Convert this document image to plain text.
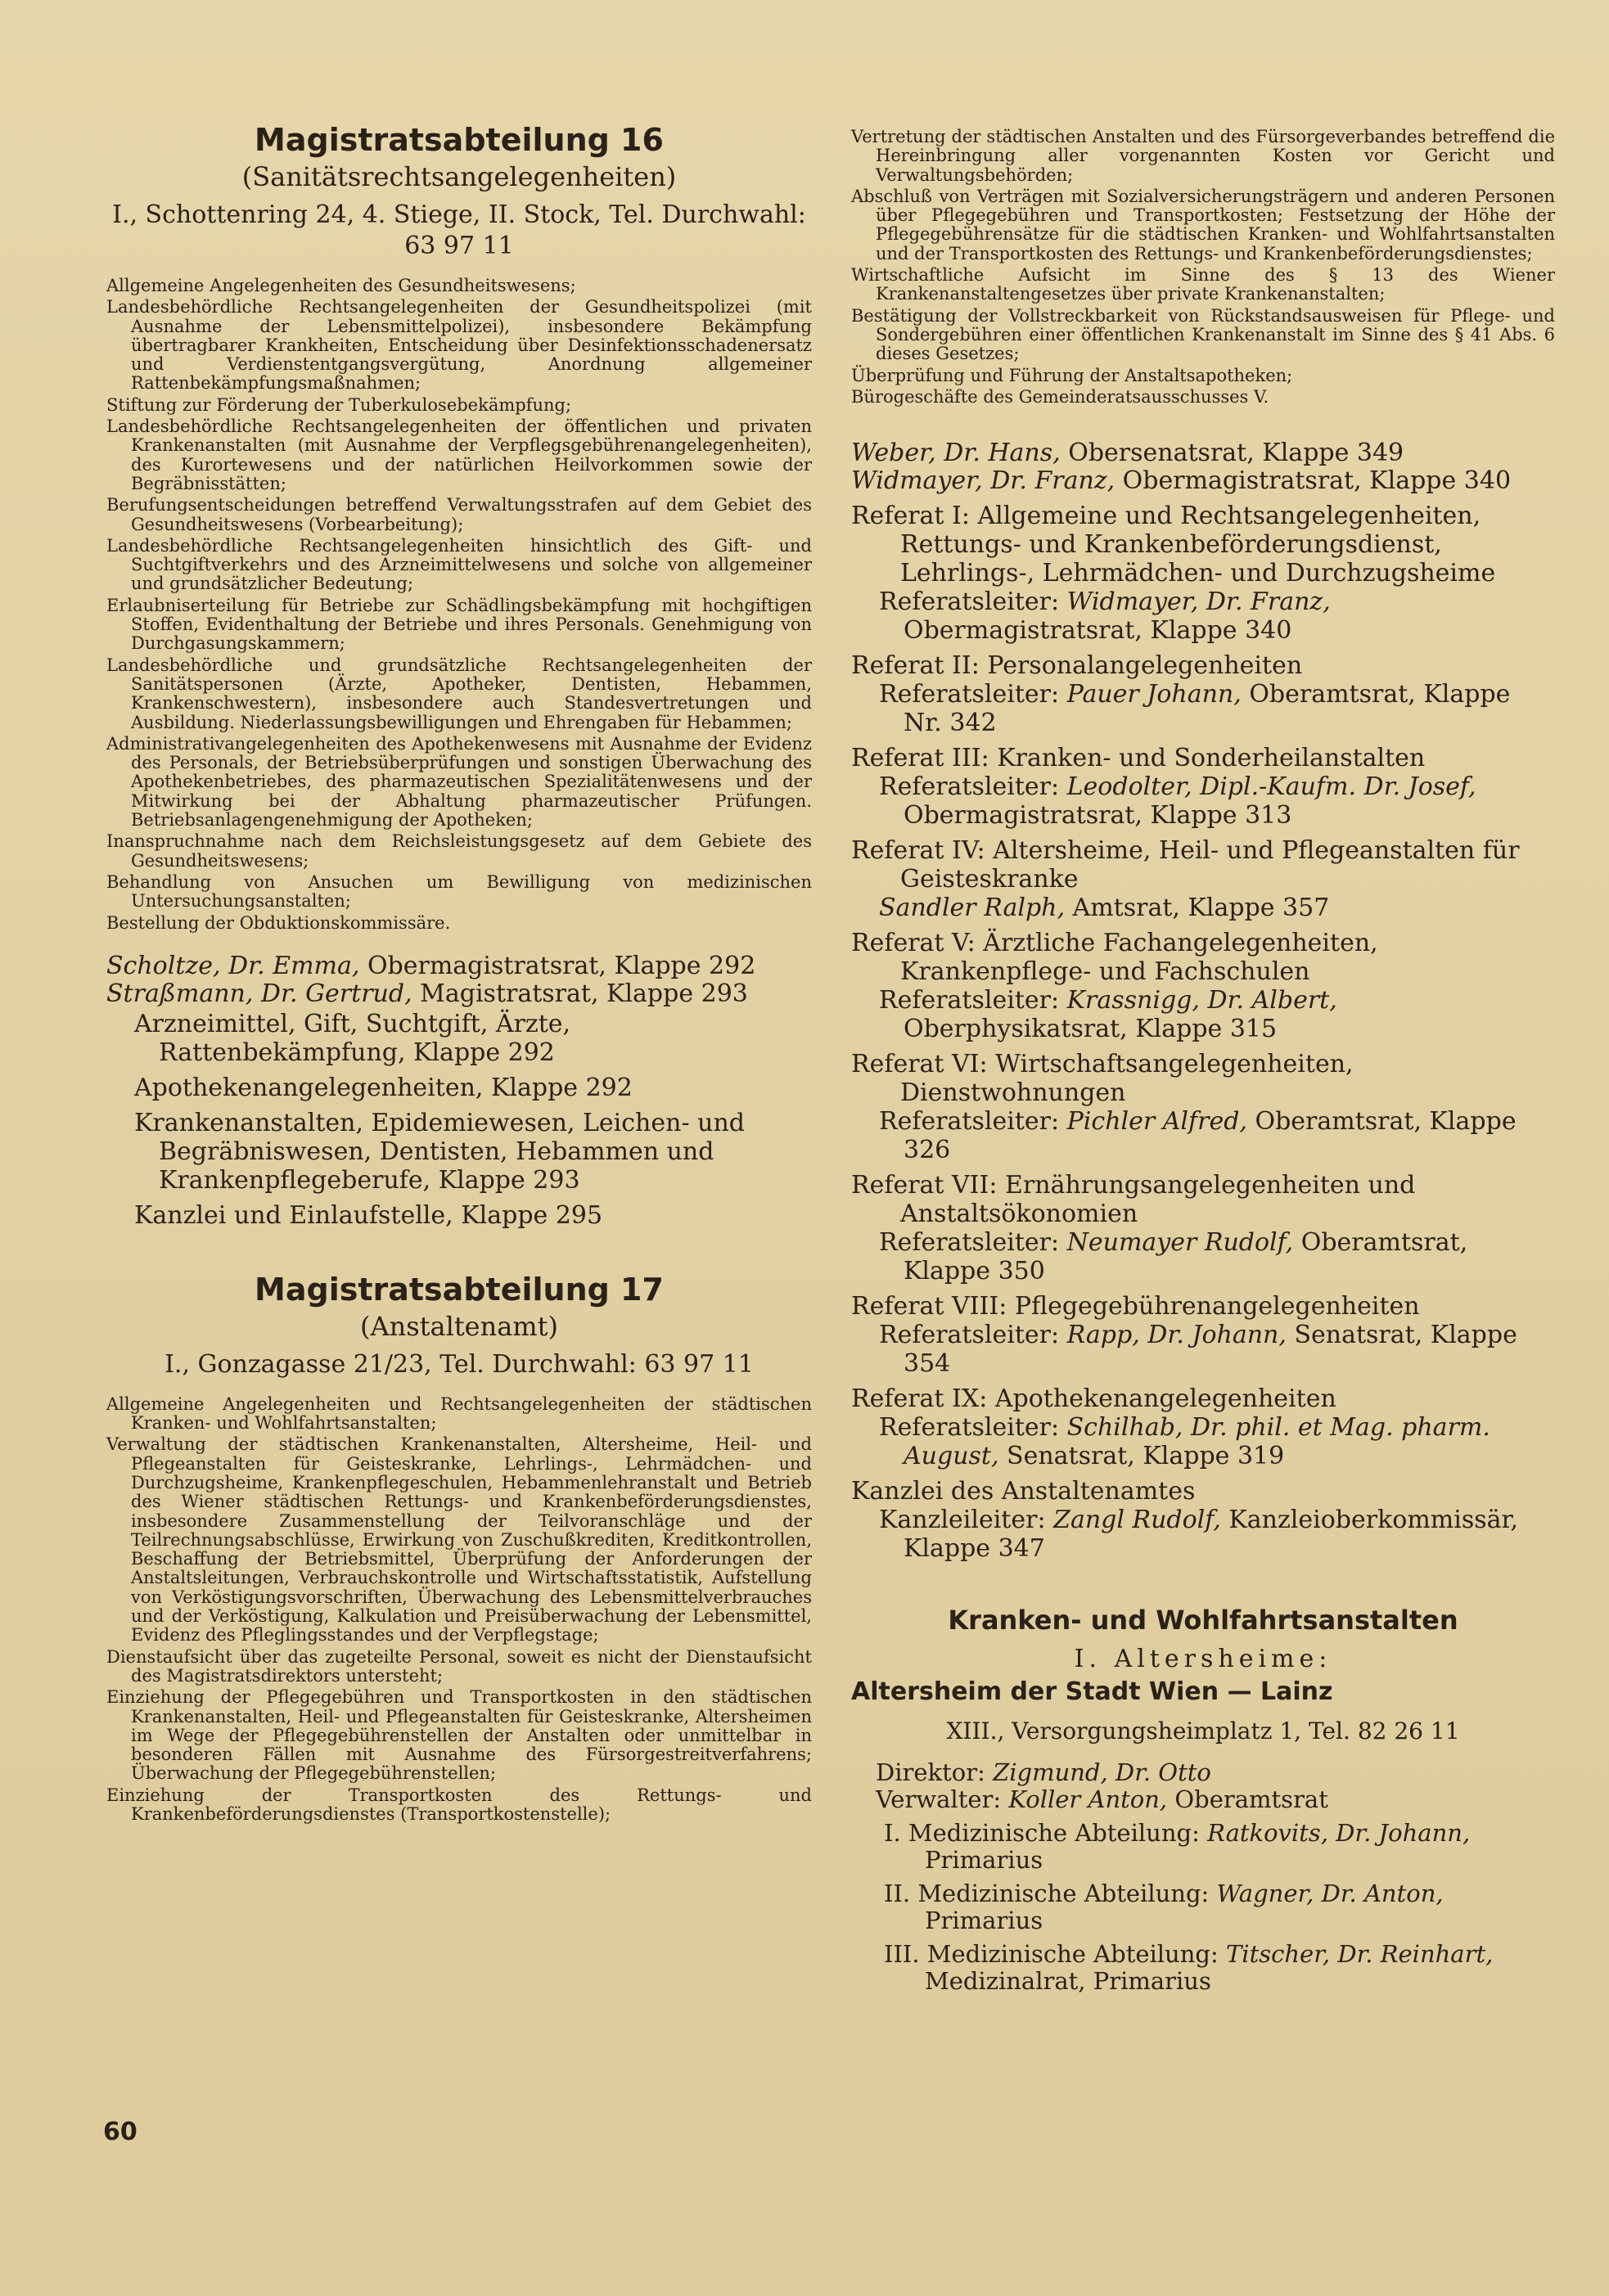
Magistratsabteilung 16

(Sanitätsrechtsangelegenheiten)

I., Schottenring 24, 4. Stiege, II. Stock, Tel. Durchwahl: 63 97 11

Allgemeine Angelegenheiten des Gesundheitswesens;
Landesbehördliche Rechtsangelegenheiten der Gesundheitspolizei (mit Ausnahme der Lebensmittelpolizei), insbesondere Bekämpfung übertragbarer Krankheiten, Entscheidung über Desinfektionsschadenersatz und Verdienstentgangsvergütung, Anordnung allgemeiner Rattenbekämpfungsmaßnahmen;
Stiftung zur Förderung der Tuberkulosebekämpfung;
Landesbehördliche Rechtsangelegenheiten der öffentlichen und privaten Krankenanstalten (mit Ausnahme der Verpflegsgebührenangelegenheiten), des Kurortewesens und der natürlichen Heilvorkommen sowie der Begräbnisstätten;
Berufungsentscheidungen betreffend Verwaltungsstrafen auf dem Gebiet des Gesundheitswesens (Vorbearbeitung);
Landesbehördliche Rechtsangelegenheiten hinsichtlich des Gift- und Suchtgiftverkehrs und des Arzneimittelwesens und solche von allgemeiner und grundsätzlicher Bedeutung;
Erlaubniserteilung für Betriebe zur Schädlingsbekämpfung mit hochgiftigen Stoffen, Evidenthaltung der Betriebe und ihres Personals. Genehmigung von Durchgasungskammern;
Landesbehördliche und grundsätzliche Rechtsangelegenheiten der Sanitätspersonen (Ärzte, Apotheker, Dentisten, Hebammen, Krankenschwestern), insbesondere auch Standesvertretungen und Ausbildung. Niederlassungsbewilligungen und Ehrengaben für Hebammen;
Administrativangelegenheiten des Apothekenwesens mit Ausnahme der Evidenz des Personals, der Betriebsüberprüfungen und sonstigen Überwachung des Apothekenbetriebes, des pharmazeutischen Spezialitätenwesens und der Mitwirkung bei der Abhaltung pharmazeutischer Prüfungen. Betriebsanlagengenehmigung der Apotheken;
Inanspruchnahme nach dem Reichsleistungsgesetz auf dem Gebiete des Gesundheitswesens;
Behandlung von Ansuchen um Bewilligung von medizinischen Untersuchungsanstalten;
Bestellung der Obduktionskommissäre.

Scholtze, Dr. Emma, Obermagistratsrat, Klappe 292

Straßmann, Dr. Gertrud, Magistratsrat, Klappe 293

Arzneimittel, Gift, Suchtgift, Ärzte, Rattenbekämpfung, Klappe 292

Apothekenangelegenheiten, Klappe 292

Krankenanstalten, Epidemiewesen, Leichen- und Begräbniswesen, Dentisten, Hebammen und Krankenpflegeberufe, Klappe 293

Kanzlei und Einlaufstelle, Klappe 295

Magistratsabteilung 17

(Anstaltenamt)

I., Gonzagasse 21/23, Tel. Durchwahl: 63 97 11

Allgemeine Angelegenheiten und Rechtsangelegenheiten der städtischen Kranken- und Wohlfahrtsanstalten;
Verwaltung der städtischen Krankenanstalten, Altersheime, Heil- und Pflegeanstalten für Geisteskranke, Lehrlings-, Lehrmädchen- und Durchzugsheime, Krankenpflegeschulen, Hebammenlehranstalt und Betrieb des Wiener städtischen Rettungs- und Krankenbeförderungsdienstes, insbesondere Zusammenstellung der Teilvoranschläge und der Teilrechnungsabschlüsse, Erwirkung von Zuschußkrediten, Kreditkontrollen, Beschaffung der Betriebsmittel, Überprüfung der Anforderungen der Anstaltsleitungen, Verbrauchskontrolle und Wirtschaftsstatistik, Aufstellung von Verköstigungsvorschriften, Überwachung des Lebensmittelverbrauches und der Verköstigung, Kalkulation und Preisüberwachung der Lebensmittel, Evidenz des Pfleglingsstandes und der Verpflegstage;
Dienstaufsicht über das zugeteilte Personal, soweit es nicht der Dienstaufsicht des Magistratsdirektors untersteht;
Einziehung der Pflegegebühren und Transportkosten in den städtischen Krankenanstalten, Heil- und Pflegeanstalten für Geisteskranke, Altersheimen im Wege der Pflegegebührenstellen der Anstalten oder unmittelbar in besonderen Fällen mit Ausnahme des Fürsorgestreitverfahrens; Überwachung der Pflegegebührenstellen;
Einziehung der Transportkosten des Rettungs- und Krankenbeförderungsdienstes (Transportkostenstelle);
Vertretung der städtischen Anstalten und des Fürsorgeverbandes betreffend die Hereinbringung aller vorgenannten Kosten vor Gericht und Verwaltungsbehörden;
Abschluß von Verträgen mit Sozialversicherungsträgern und anderen Personen über Pflegegebühren und Transportkosten; Festsetzung der Höhe der Pflegegebührensätze für die städtischen Kranken- und Wohlfahrtsanstalten und der Transportkosten des Rettungs- und Krankenbeförderungsdienstes;
Wirtschaftliche Aufsicht im Sinne des § 13 des Wiener Krankenanstaltengesetzes über private Krankenanstalten;
Bestätigung der Vollstreckbarkeit von Rückstandsausweisen für Pflege- und Sondergebühren einer öffentlichen Krankenanstalt im Sinne des § 41 Abs. 6 dieses Gesetzes;
Überprüfung und Führung der Anstaltsapotheken;
Bürogeschäfte des Gemeinderatsausschusses V.

Weber, Dr. Hans, Obersenatsrat, Klappe 349

Widmayer, Dr. Franz, Obermagistratsrat, Klappe 340

Referat I: Allgemeine und Rechtsangelegenheiten, Rettungs- und Krankenbeförderungsdienst, Lehrlings-, Lehrmädchen- und Durchzugsheime

Referatsleiter: Widmayer, Dr. Franz, Obermagistratsrat, Klappe 340

Referat II: Personalangelegenheiten

Referatsleiter: Pauer Johann, Oberamtsrat, Klappe Nr. 342

Referat III: Kranken- und Sonderheilanstalten

Referatsleiter: Leodolter, Dipl.-Kaufm. Dr. Josef, Obermagistratsrat, Klappe 313

Referat IV: Altersheime, Heil- und Pflegeanstalten für Geisteskranke

Sandler Ralph, Amtsrat, Klappe 357

Referat V: Ärztliche Fachangelegenheiten, Krankenpflege- und Fachschulen

Referatsleiter: Krassnigg, Dr. Albert, Oberphysikatsrat, Klappe 315

Referat VI: Wirtschaftsangelegenheiten, Dienstwohnungen

Referatsleiter: Pichler Alfred, Oberamtsrat, Klappe 326

Referat VII: Ernährungsangelegenheiten und Anstaltsökonomien

Referatsleiter: Neumayer Rudolf, Oberamtsrat, Klappe 350

Referat VIII: Pflegegebührenangelegenheiten

Referatsleiter: Rapp, Dr. Johann, Senatsrat, Klappe 354

Referat IX: Apothekenangelegenheiten

Referatsleiter: Schilhab, Dr. phil. et Mag. pharm. August, Senatsrat, Klappe 319

Kanzlei des Anstaltenamtes

Kanzleileiter: Zangl Rudolf, Kanzleioberkommissär, Klappe 347

Kranken- und Wohlfahrtsanstalten

I. Altersheime:

Altersheim der Stadt Wien — Lainz

XIII., Versorgungsheimplatz 1, Tel. 82 26 11

Direktor: Zigmund, Dr. Otto

Verwalter: Koller Anton, Oberamtsrat

I. Medizinische Abteilung: Ratkovits, Dr. Johann, Primarius

II. Medizinische Abteilung: Wagner, Dr. Anton, Primarius

III. Medizinische Abteilung: Titscher, Dr. Reinhart, Medizinalrat, Primarius

60
